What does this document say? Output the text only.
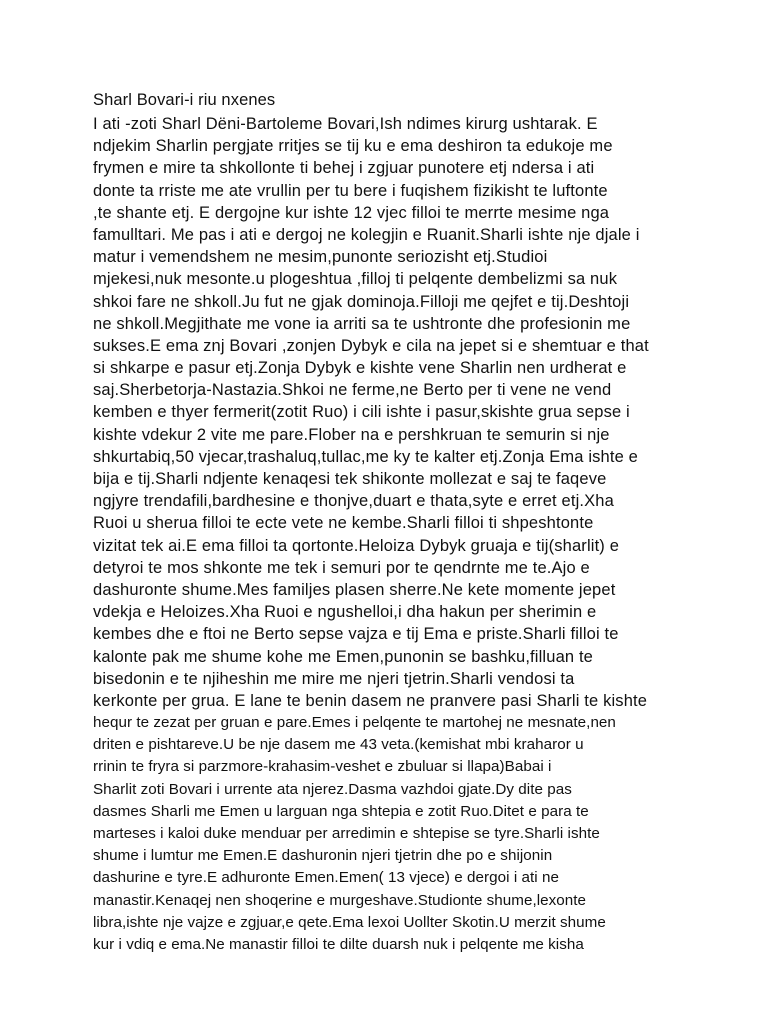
Sharl Bovari-i riu nxenes
I ati -zoti Sharl Dëni-Bartoleme Bovari,Ish ndimes kirurg ushtarak. E
ndjekim Sharlin pergjate rritjes se tij ku e ema deshiron ta edukoje me
frymen e mire ta shkollonte ti behej i zgjuar punotere etj ndersa i ati
donte ta rriste me ate vrullin per tu bere i fuqishem fizikisht te luftonte
,te shante etj. E dergojne kur ishte 12 vjec filloi te merrte mesime nga
famulltari. Me pas i ati e dergoj ne kolegjin e Ruanit.Sharli ishte nje djale i
matur i vemendshem ne mesim,punonte seriozisht etj.Studioi
mjekesi,nuk mesonte.u plogeshtua ,filloj ti pelqente dembelizmi sa nuk
shkoi fare ne shkoll.Ju fut ne gjak dominoja.Filloji me qejfet e tij.Deshtoji
ne shkoll.Megjithate me vone ia arriti sa te ushtronte dhe profesionin me
sukses.E ema znj Bovari ,zonjen Dybyk e cila na jepet si e shemtuar e that
si shkarpe e pasur etj.Zonja Dybyk e kishte vene Sharlin nen urdherat e
saj.Sherbetorja-Nastazia.Shkoi ne ferme,ne Berto per ti vene ne vend
kemben e thyer fermerit(zotit Ruo) i cili ishte i pasur,skishte grua sepse i
kishte vdekur 2 vite me pare.Flober na e pershkruan te semurin si nje
shkurtabiq,50 vjecar,trashaluq,tullac,me ky te kalter etj.Zonja Ema ishte e
bija e tij.Sharli ndjente kenaqesi tek shikonte mollezat e saj te faqeve
ngjyre trendafili,bardhesine e thonjve,duart e thata,syte e erret etj.Xha
Ruoi u sherua filloi te ecte vete ne kembe.Sharli filloi ti shpeshtonte
vizitat tek ai.E ema filloi ta qortonte.Heloiza Dybyk gruaja e tij(sharlit) e
detyroi te mos shkonte me tek i semuri por te qendrnte me te.Ajo e
dashuronte shume.Mes familjes plasen sherre.Ne kete momente jepet
vdekja e Heloizes.Xha Ruoi e ngushelloi,i dha hakun per sherimin e
kembes dhe e ftoi ne Berto sepse vajza e tij Ema e priste.Sharli filloi te
kalonte pak me shume kohe me Emen,punonin se bashku,filluan te
bisedonin e te njiheshin me mire me njeri tjetrin.Sharli vendosi ta
kerkonte per grua. E lane te benin dasem ne pranvere pasi Sharli te kishte
hequr te zezat per gruan e pare.Emes i pelqente te martohej ne mesnate,nen
driten e pishtareve.U be nje dasem me 43 veta.(kemishat mbi kraharor u
rrinin te fryra si parzmore-krahasim-veshet e zbuluar si llapa)Babai i
Sharlit zoti Bovari i urrente ata njerez.Dasma vazhdoi gjate.Dy dite pas
dasmes Sharli me Emen u larguan nga shtepia e zotit Ruo.Ditet e para te
marteses i kaloi duke menduar per arredimin e shtepise se tyre.Sharli ishte
shume i lumtur me Emen.E dashuronin njeri tjetrin dhe po e shijonin
dashurine e tyre.E adhuronte Emen.Emen( 13 vjece) e dergoi i ati ne
manastir.Kenaqej nen shoqerine e murgeshave.Studionte shume,lexonte
libra,ishte nje vajze e zgjuar,e qete.Ema lexoi Uollter Skotin.U merzit shume
kur i vdiq e ema.Ne manastir filloi te dilte duarsh nuk i pelqente me kisha
